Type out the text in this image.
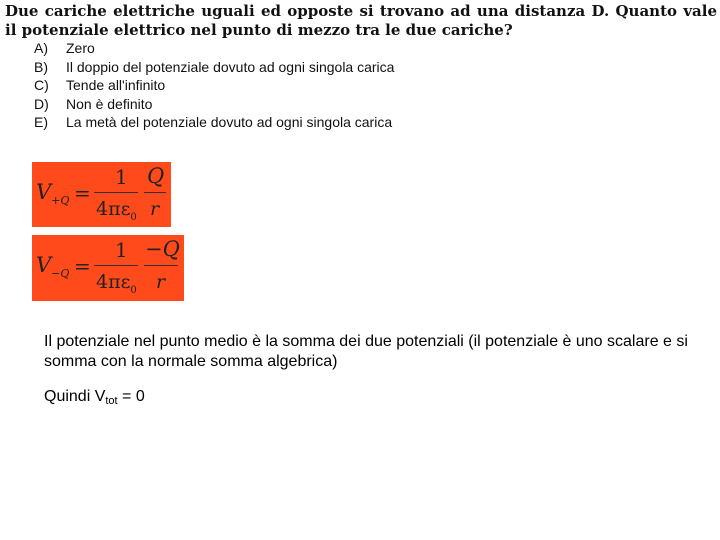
Due cariche elettriche uguali ed opposte si trovano ad una distanza D. Quanto vale il potenziale elettrico nel punto di mezzo tra le due cariche?
A)	Zero
B)	Il doppio del potenziale dovuto ad ogni singola carica
C)	Tende all'infinito
D)	Non è definito
E)	La metà del potenziale dovuto ad ogni singola carica
$V_{+Q}$ =
1
$4\pi\varepsilon_0$
Q
r
$V_{-Q}$ =
1
$4\pi\varepsilon_0$
−Q
r

Il potenziale nel punto medio è la somma dei due potenziali (il potenziale è uno scalare e si somma con la normale somma algebrica)

Quindi $V_{tot} = 0$
